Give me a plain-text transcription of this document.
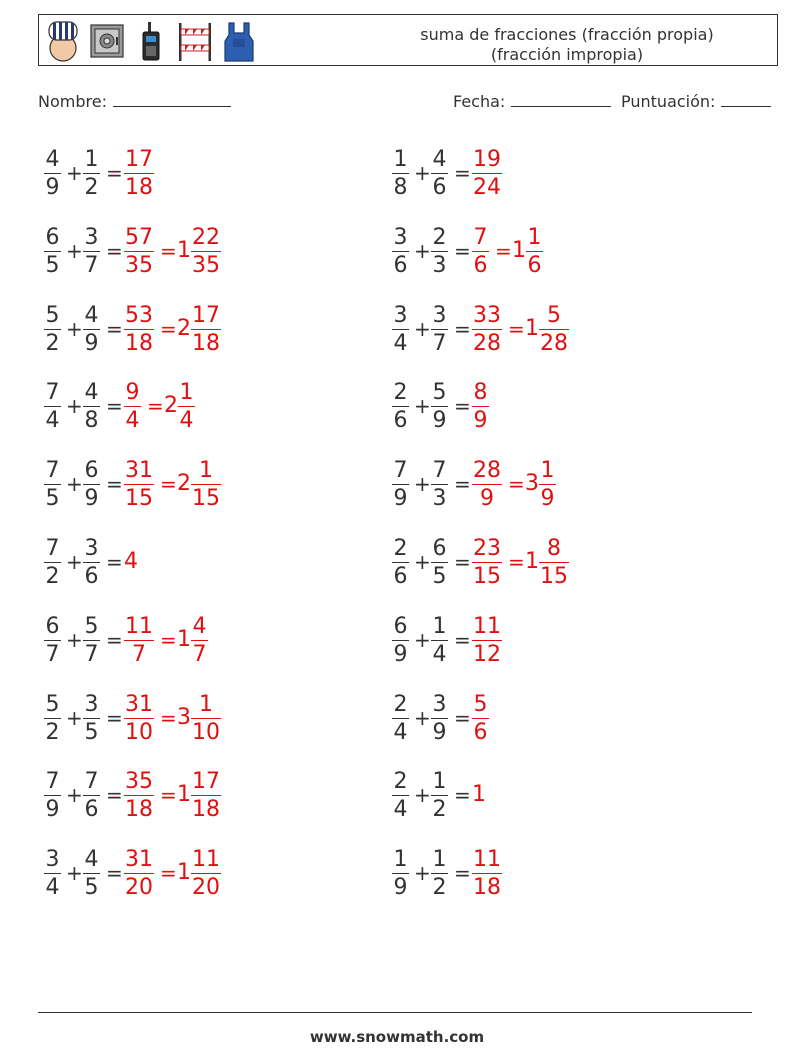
suma de fracciones (fracción propia)
(fracción impropia)
Nombre:	Fecha:	Puntuación:
$\frac{4}{9} + \frac{1}{2} = \frac{17}{18}$	$\frac{1}{8} + \frac{4}{6} = \frac{19}{24}$
$\frac{6}{5} + \frac{3}{7} = \frac{57}{35} = 1 \frac{22}{35}$	$\frac{3}{6} + \frac{2}{3} = \frac{7}{6} = 1 \frac{1}{6}$
$\frac{5}{2} + \frac{4}{9} = \frac{53}{18} = 2 \frac{17}{18}$	$\frac{3}{4} + \frac{3}{7} = \frac{33}{28} = 1 \frac{5}{28}$
$\frac{7}{4} + \frac{4}{8} = \frac{9}{4} = 2 \frac{1}{4}$	$\frac{2}{6} + \frac{5}{9} = \frac{8}{9}$
$\frac{7}{5} + \frac{6}{9} = \frac{31}{15} = 2 \frac{1}{15}$	$\frac{7}{9} + \frac{7}{3} = \frac{28}{9} = 3 \frac{1}{9}$
$\frac{7}{2} + \frac{3}{6} = 4$	$\frac{2}{6} + \frac{6}{5} = \frac{23}{15} = 1 \frac{8}{15}$
$\frac{6}{7} + \frac{5}{7} = \frac{11}{7} = 1 \frac{4}{7}$	$\frac{6}{9} + \frac{1}{4} = \frac{11}{12}$
$\frac{5}{2} + \frac{3}{5} = \frac{31}{10} = 3 \frac{1}{10}$	$\frac{2}{4} + \frac{3}{9} = \frac{5}{6}$
$\frac{7}{9} + \frac{7}{6} = \frac{35}{18} = 1 \frac{17}{18}$	$\frac{2}{4} + \frac{1}{2} = 1$
$\frac{3}{4} + \frac{4}{5} = \frac{31}{20} = 1 \frac{11}{20}$	$\frac{1}{9} + \frac{1}{2} = \frac{11}{18}$
www.snowmath.com
